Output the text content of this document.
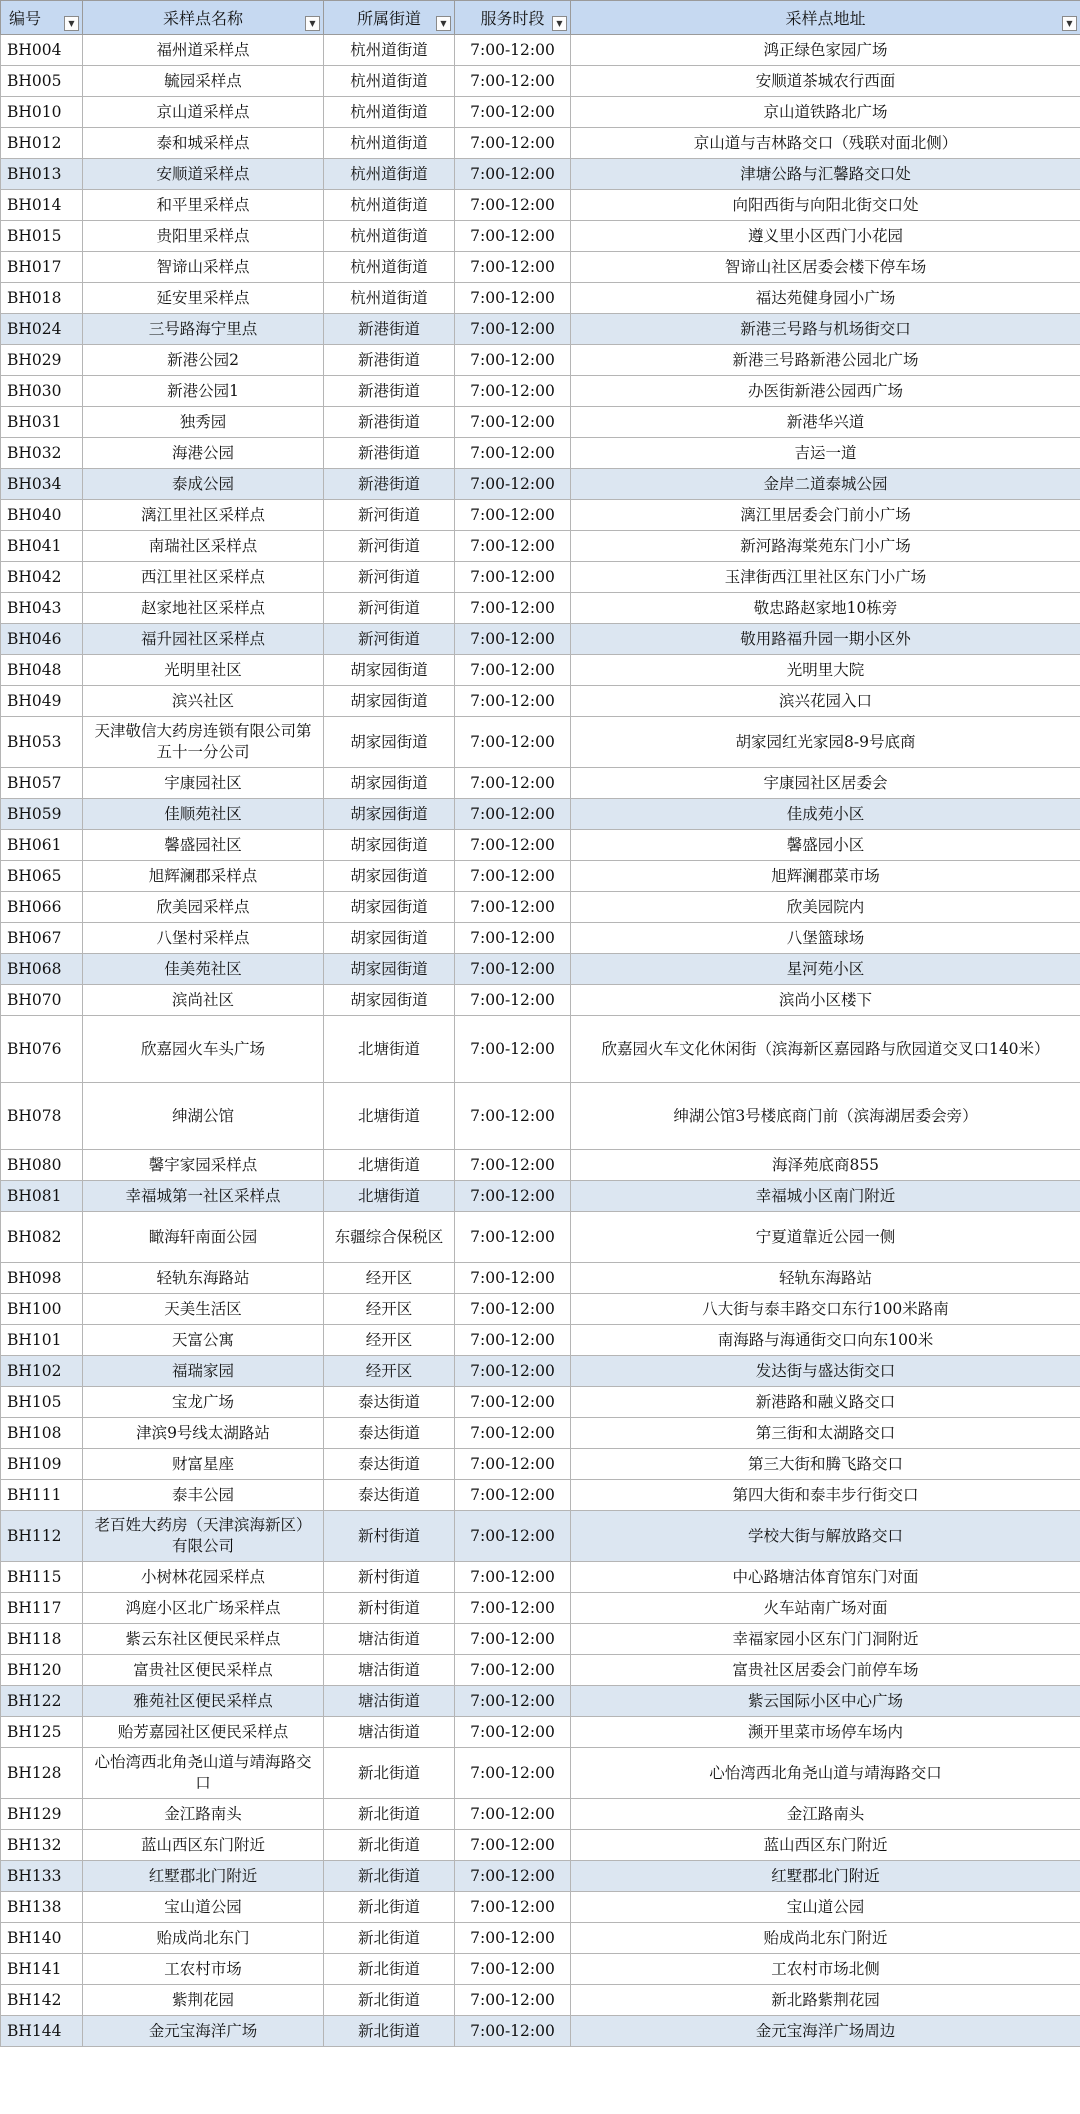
编号 ▼	采样点名称 ▼	所属街道 ▼	服务时段 ▼	采样点地址 ▼

BH004	福州道采样点	杭州道街道	7:00-12:00	鸿正绿色家园广场
BH005	毓园采样点	杭州道街道	7:00-12:00	安顺道茶城农行西面
BH010	京山道采样点	杭州道街道	7:00-12:00	京山道铁路北广场
BH012	泰和城采样点	杭州道街道	7:00-12:00	京山道与吉林路交口（残联对面北侧）
BH013	安顺道采样点	杭州道街道	7:00-12:00	津塘公路与汇馨路交口处
BH014	和平里采样点	杭州道街道	7:00-12:00	向阳西街与向阳北街交口处
BH015	贵阳里采样点	杭州道街道	7:00-12:00	遵义里小区西门小花园
BH017	智谛山采样点	杭州道街道	7:00-12:00	智谛山社区居委会楼下停车场
BH018	延安里采样点	杭州道街道	7:00-12:00	福达苑健身园小广场
BH024	三号路海宁里点	新港街道	7:00-12:00	新港三号路与机场街交口
BH029	新港公园2	新港街道	7:00-12:00	新港三号路新港公园北广场
BH030	新港公园1	新港街道	7:00-12:00	办医街新港公园西广场
BH031	独秀园	新港街道	7:00-12:00	新港华兴道
BH032	海港公园	新港街道	7:00-12:00	吉运一道
BH034	泰成公园	新港街道	7:00-12:00	金岸二道泰城公园
BH040	漓江里社区采样点	新河街道	7:00-12:00	漓江里居委会门前小广场
BH041	南瑞社区采样点	新河街道	7:00-12:00	新河路海棠苑东门小广场
BH042	西江里社区采样点	新河街道	7:00-12:00	玉津街西江里社区东门小广场
BH043	赵家地社区采样点	新河街道	7:00-12:00	敬忠路赵家地10栋旁
BH046	福升园社区采样点	新河街道	7:00-12:00	敬用路福升园一期小区外
BH048	光明里社区	胡家园街道	7:00-12:00	光明里大院
BH049	滨兴社区	胡家园街道	7:00-12:00	滨兴花园入口
BH053	天津敬信大药房连锁有限公司第五十一分公司	胡家园街道	7:00-12:00	胡家园红光家园8-9号底商
BH057	宇康园社区	胡家园街道	7:00-12:00	宇康园社区居委会
BH059	佳顺苑社区	胡家园街道	7:00-12:00	佳成苑小区
BH061	馨盛园社区	胡家园街道	7:00-12:00	馨盛园小区
BH065	旭辉澜郡采样点	胡家园街道	7:00-12:00	旭辉澜郡菜市场
BH066	欣美园采样点	胡家园街道	7:00-12:00	欣美园院内
BH067	八堡村采样点	胡家园街道	7:00-12:00	八堡篮球场
BH068	佳美苑社区	胡家园街道	7:00-12:00	星河苑小区
BH070	滨尚社区	胡家园街道	7:00-12:00	滨尚小区楼下
BH076	欣嘉园火车头广场	北塘街道	7:00-12:00	欣嘉园火车文化休闲街（滨海新区嘉园路与欣园道交叉口140米）
BH078	绅湖公馆	北塘街道	7:00-12:00	绅湖公馆3号楼底商门前（滨海湖居委会旁）
BH080	馨宇家园采样点	北塘街道	7:00-12:00	海泽苑底商855
BH081	幸福城第一社区采样点	北塘街道	7:00-12:00	幸福城小区南门附近
BH082	瞰海轩南面公园	东疆综合保税区	7:00-12:00	宁夏道靠近公园一侧
BH098	轻轨东海路站	经开区	7:00-12:00	轻轨东海路站
BH100	天美生活区	经开区	7:00-12:00	八大街与泰丰路交口东行100米路南
BH101	天富公寓	经开区	7:00-12:00	南海路与海通街交口向东100米
BH102	福瑞家园	经开区	7:00-12:00	发达街与盛达街交口
BH105	宝龙广场	泰达街道	7:00-12:00	新港路和融义路交口
BH108	津滨9号线太湖路站	泰达街道	7:00-12:00	第三街和太湖路交口
BH109	财富星座	泰达街道	7:00-12:00	第三大街和腾飞路交口
BH111	泰丰公园	泰达街道	7:00-12:00	第四大街和泰丰步行街交口
BH112	老百姓大药房（天津滨海新区）有限公司	新村街道	7:00-12:00	学校大街与解放路交口
BH115	小树林花园采样点	新村街道	7:00-12:00	中心路塘沽体育馆东门对面
BH117	鸿庭小区北广场采样点	新村街道	7:00-12:00	火车站南广场对面
BH118	紫云东社区便民采样点	塘沽街道	7:00-12:00	幸福家园小区东门门洞附近
BH120	富贵社区便民采样点	塘沽街道	7:00-12:00	富贵社区居委会门前停车场
BH122	雅苑社区便民采样点	塘沽街道	7:00-12:00	紫云国际小区中心广场
BH125	贻芳嘉园社区便民采样点	塘沽街道	7:00-12:00	濒开里菜市场停车场内
BH128	心怡湾西北角尧山道与靖海路交口	新北街道	7:00-12:00	心怡湾西北角尧山道与靖海路交口
BH129	金江路南头	新北街道	7:00-12:00	金江路南头
BH132	蓝山西区东门附近	新北街道	7:00-12:00	蓝山西区东门附近
BH133	红墅郡北门附近	新北街道	7:00-12:00	红墅郡北门附近
BH138	宝山道公园	新北街道	7:00-12:00	宝山道公园
BH140	贻成尚北东门	新北街道	7:00-12:00	贻成尚北东门附近
BH141	工农村市场	新北街道	7:00-12:00	工农村市场北侧
BH142	紫荆花园	新北街道	7:00-12:00	新北路紫荆花园
BH144	金元宝海洋广场	新北街道	7:00-12:00	金元宝海洋广场周边
